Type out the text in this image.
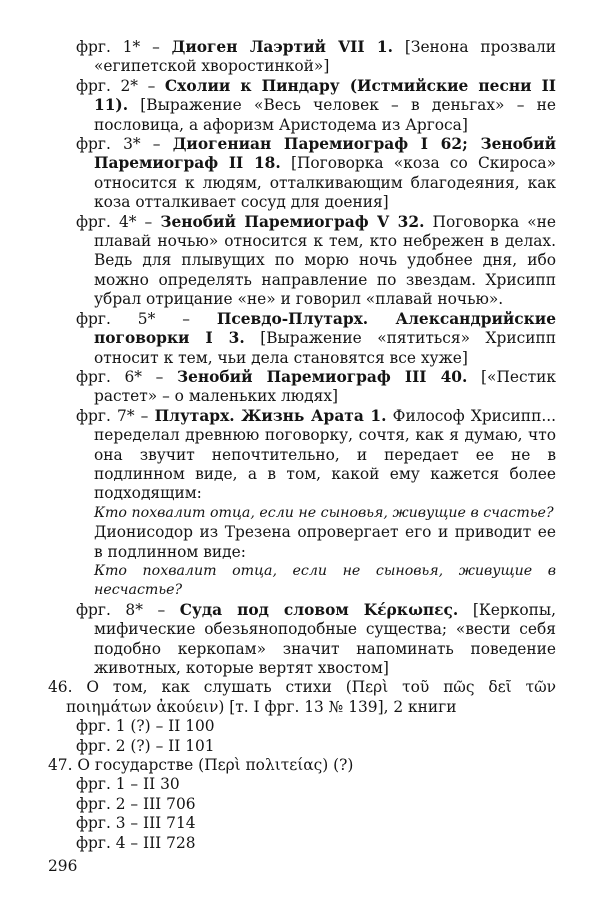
фрг. 1* – Диоген Лаэртий VII 1. [Зенона прозвали «египетской хворостинкой»]

фрг. 2* – Схолии к Пиндару (Истмийские песни II 11). [Выражение «Весь человек – в деньгах» – не пословица, а афоризм Аристодема из Аргоса]

фрг. 3* – Диогениан Паремиограф I 62; Зенобий Паремиограф II 18. [Поговорка «коза со Скироса» относится к людям, отталкивающим благодеяния, как коза отталкивает сосуд для доения]

фрг. 4* – Зенобий Паремиограф V 32. Поговорка «не плавай ночью» относится к тем, кто небрежен в делах. Ведь для плывущих по морю ночь удобнее дня, ибо можно определять направление по звездам. Хрисипп убрал отрицание «не» и говорил «плавай ночью».

фрг. 5* – Псевдо-Плутарх. Александрийские поговорки I 3. [Выражение «пятиться» Хрисипп относит к тем, чьи дела становятся все хуже]

фрг. 6* – Зенобий Паремиограф III 40. [«Пестик растет» – о маленьких людях]

фрг. 7* – Плутарх. Жизнь Арата 1. Философ Хрисипп... переделал древнюю поговорку, сочтя, как я думаю, что она звучит непочтительно, и передает ее не в подлинном виде, а в том, какой ему кажется более подходящим:

Кто похвалит отца, если не сыновья, живущие в счастье?

Дионисодор из Трезена опровергает его и приводит ее в подлинном виде:

Кто похвалит отца, если не сыновья, живущие в несчастье?

фрг. 8* – Суда под словом Κέρκωπες. [Керкопы, мифические обезьяноподобные существа; «вести себя подобно керкопам» значит напоминать поведение животных, которые вертят хвостом]

46. О том, как слушать стихи (Περὶ τοῦ πῶς δεῖ τῶν ποιημάτων ἀκούειν) [т. I фрг. 13 № 139], 2 книги

фрг. 1 (?) – II 100

фрг. 2 (?) – II 101

47. О государстве (Περὶ πολιτείας) (?)

фрг. 1 – II 30

фрг. 2 – III 706

фрг. 3 – III 714

фрг. 4 – III 728

296
